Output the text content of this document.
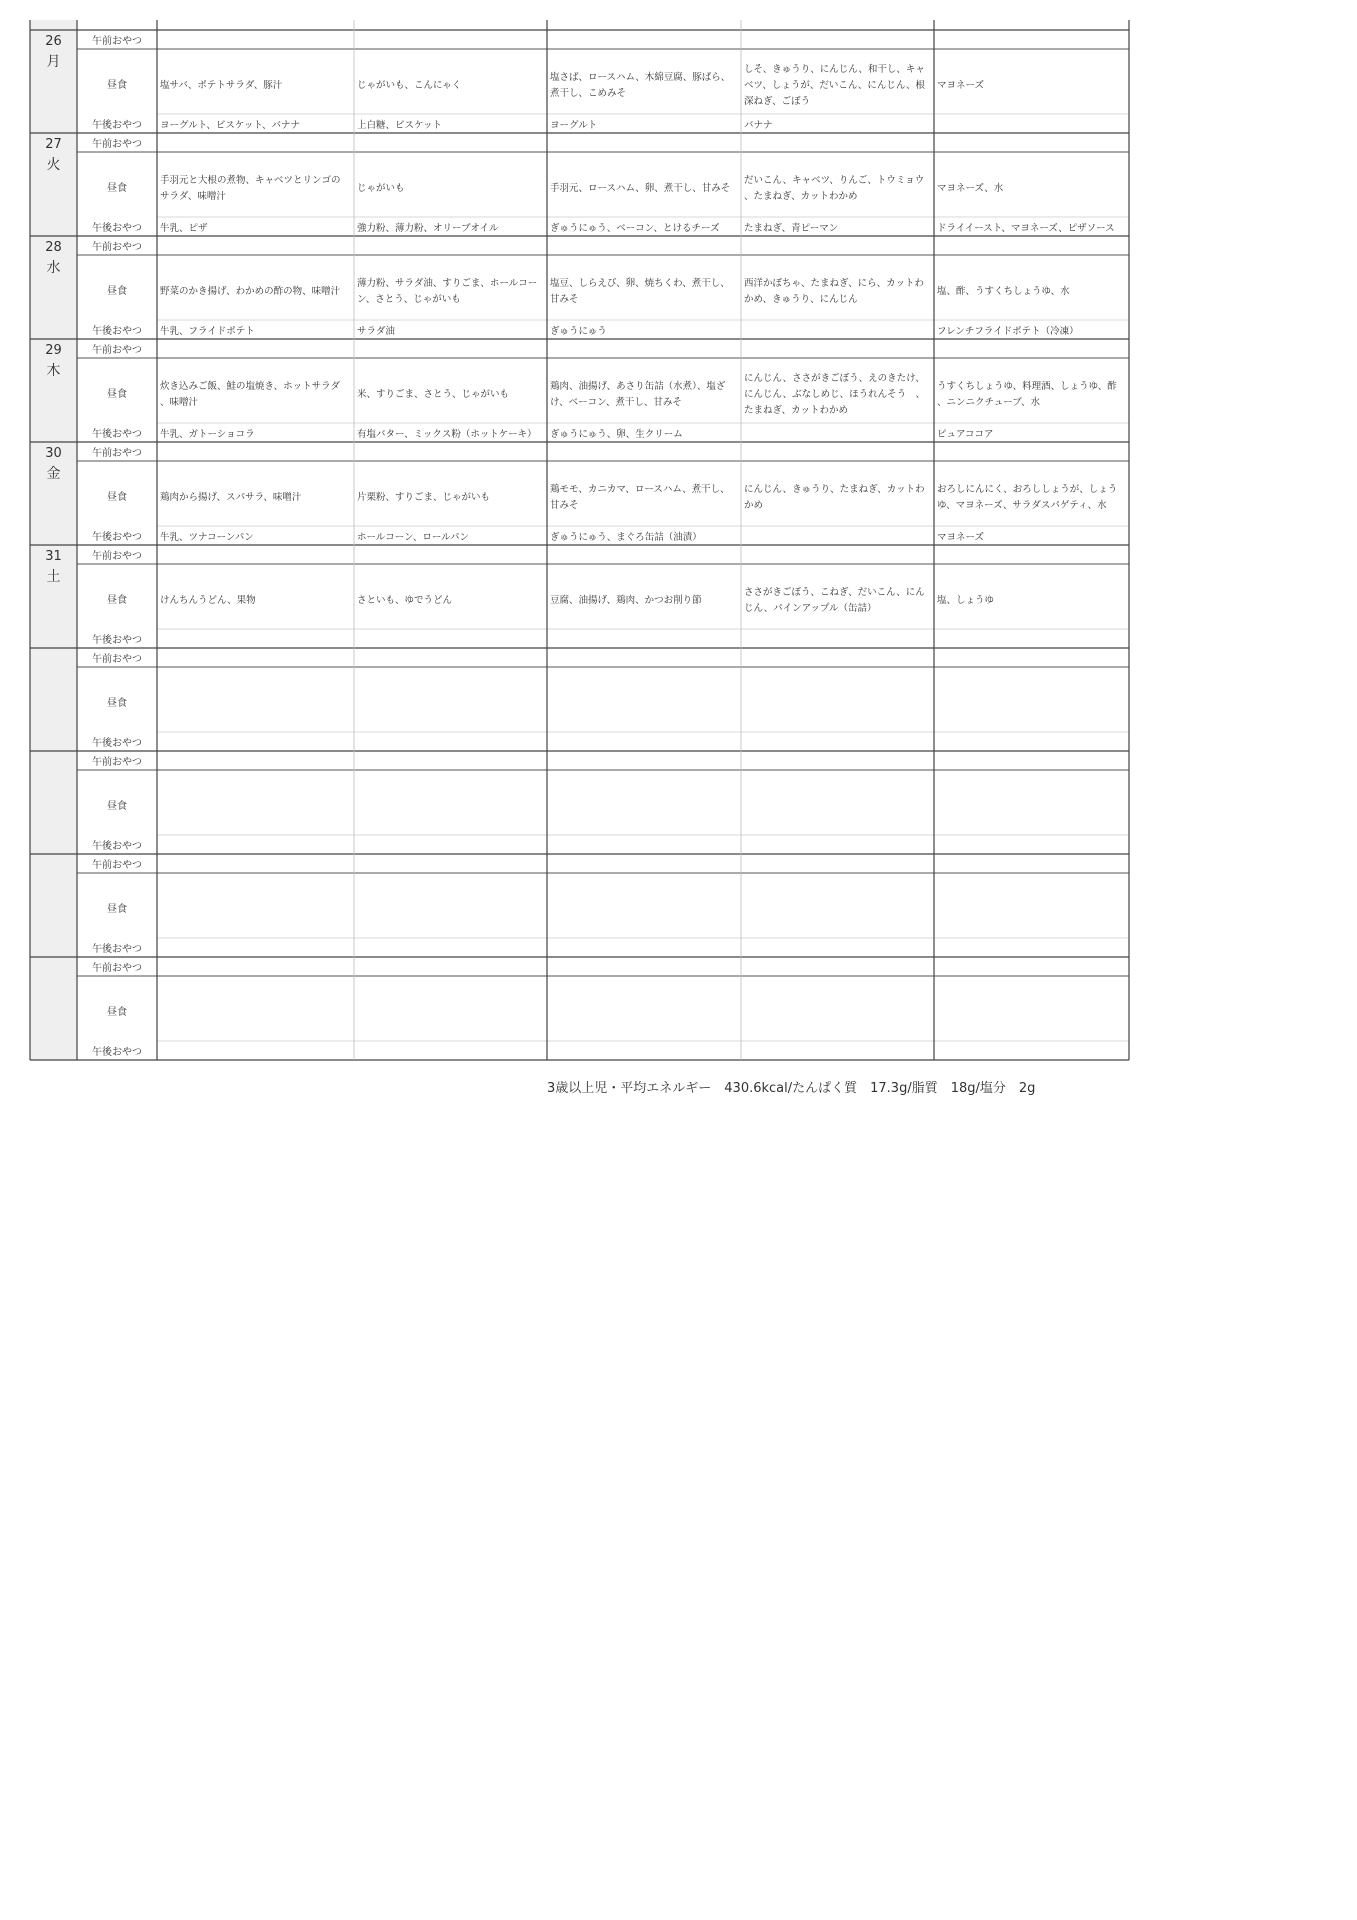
26
月
午前おやつ
昼食
午後おやつ
塩サバ、ポテトサラダ、豚汁
ヨーグルト、ビスケット、バナナ
じゃがいも、こんにゃく
上白糖、ビスケット
塩さば、ロースハム、木綿豆腐、豚ばら、
煮干し、こめみそ
ヨーグルト
しそ、きゅうり、にんじん、和干し、キャ
ベツ、しょうが、だいこん、にんじん、根
深ねぎ、ごぼう
バナナ
マヨネーズ
27
火
午前おやつ
昼食
午後おやつ
手羽元と大根の煮物、キャベツとリンゴの
サラダ、味噌汁
牛乳、ピザ
じゃがいも
強力粉、薄力粉、オリーブオイル
手羽元、ロースハム、卵、煮干し、甘みそ
ぎゅうにゅう、ベーコン、とけるチーズ
だいこん、キャベツ、りんご、トウミョウ
、たまねぎ、カットわかめ
たまねぎ、青ピーマン
マヨネーズ、水
ドライイースト、マヨネーズ、ピザソース
28
水
午前おやつ
昼食
午後おやつ
野菜のかき揚げ、わかめの酢の物、味噌汁
牛乳、フライドポテト
薄力粉、サラダ油、すりごま、ホールコー
ン、さとう、じゃがいも
サラダ油
塩豆、しらえび、卵、焼ちくわ、煮干し、
甘みそ
ぎゅうにゅう
西洋かぼちゃ、たまねぎ、にら、カットわ
かめ、きゅうり、にんじん
塩、酢、うすくちしょうゆ、水
フレンチフライドポテト（冷凍）
29
木
午前おやつ
昼食
午後おやつ
炊き込みご飯、鮭の塩焼き、ホットサラダ
、味噌汁
牛乳、ガトーショコラ
米、すりごま、さとう、じゃがいも
有塩バター、ミックス粉（ホットケーキ）
鶏肉、油揚げ、あさり缶詰（水煮）、塩ざ
け、ベーコン、煮干し、甘みそ
ぎゅうにゅう、卵、生クリーム
にんじん、ささがきごぼう、えのきたけ、
にんじん、ぶなしめじ、ほうれんそう　、
たまねぎ、カットわかめ
うすくちしょうゆ、料理酒、しょうゆ、酢
、ニンニクチューブ、水
ピュアココア
30
金
午前おやつ
昼食
午後おやつ
鶏肉から揚げ、スパサラ、味噌汁
牛乳、ツナコーンパン
片栗粉、すりごま、じゃがいも
ホールコーン、ロールパン
鶏モモ、カニカマ、ロースハム、煮干し、
甘みそ
ぎゅうにゅう、まぐろ缶詰（油漬）
にんじん、きゅうり、たまねぎ、カットわ
かめ
おろしにんにく、おろししょうが、しょう
ゆ、マヨネーズ、サラダスパゲティ、水
マヨネーズ
31
土
午前おやつ
昼食
午後おやつ
けんちんうどん、果物	さといも、ゆでうどん	豆腐、油揚げ、鶏肉、かつお削り節
ささがきごぼう、こねぎ、だいこん、にん
じん、パインアップル（缶詰）
塩、しょうゆ
午前おやつ
昼食
午後おやつ
午前おやつ
昼食
午後おやつ
午前おやつ
昼食
午後おやつ
午前おやつ
昼食
午後おやつ
3歳以上児・平均エネルギー　430.6kcal/たんぱく質　17.3g/脂質　18g/塩分　2g
